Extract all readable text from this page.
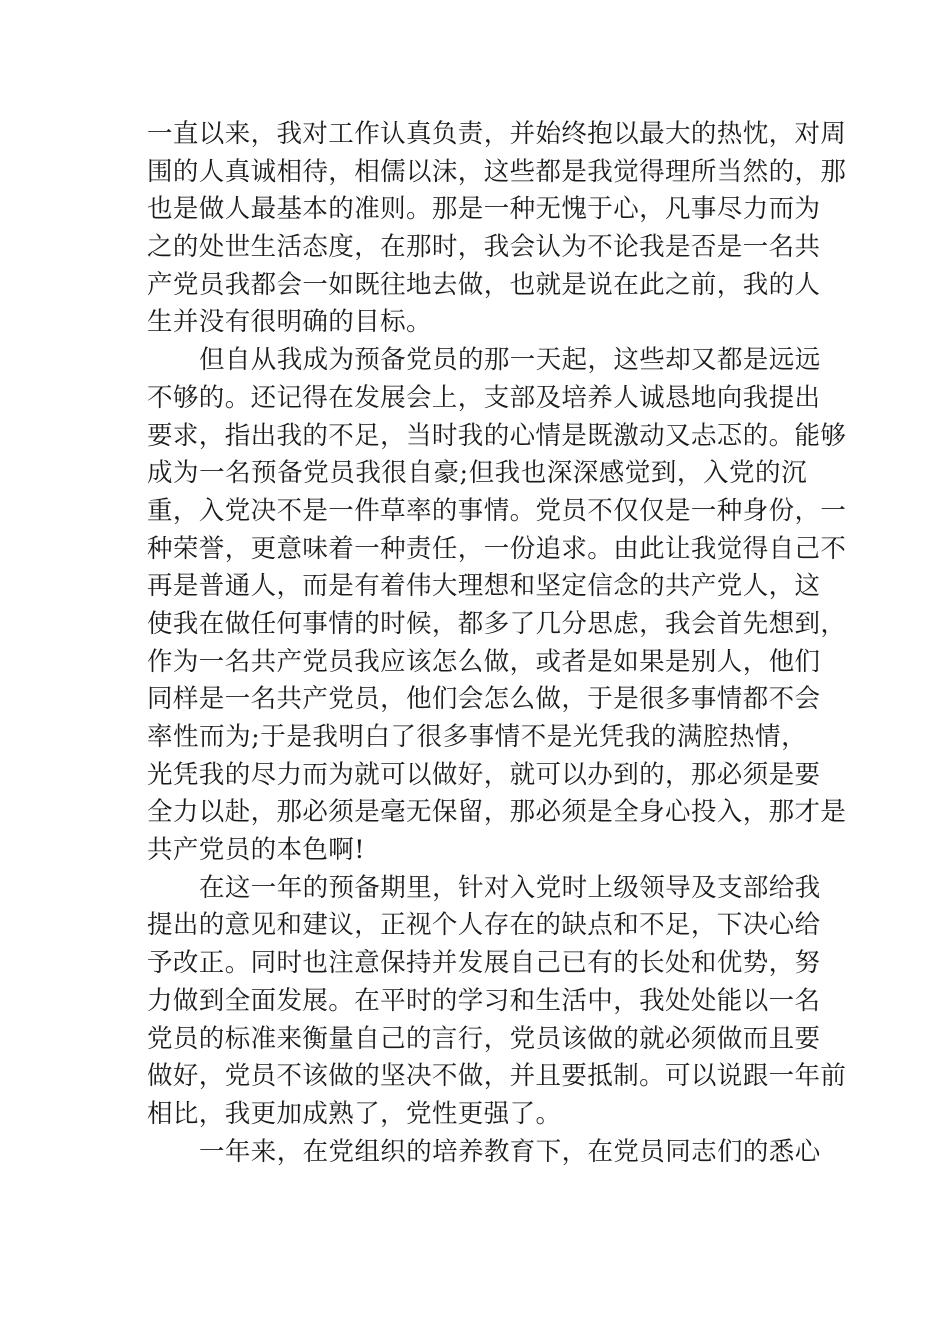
一直以来，我对工作认真负责，并始终抱以最大的热忱，对周
围的人真诚相待，相儒以沫，这些都是我觉得理所当然的，那
也是做人最基本的准则。那是一种无愧于心，凡事尽力而为
之的处世生活态度，在那时，我会认为不论我是否是一名共
产党员我都会一如既往地去做，也就是说在此之前，我的人
生并没有很明确的目标。
但自从我成为预备党员的那一天起，这些却又都是远远
不够的。还记得在发展会上，支部及培养人诚恳地向我提出
要求，指出我的不足，当时我的心情是既激动又忐忑的。能够
成为一名预备党员我很自豪;但我也深深感觉到，入党的沉
重，入党决不是一件草率的事情。党员不仅仅是一种身份，一
种荣誉，更意味着一种责任，一份追求。由此让我觉得自己不
再是普通人，而是有着伟大理想和坚定信念的共产党人，这
使我在做任何事情的时候，都多了几分思虑，我会首先想到，
作为一名共产党员我应该怎么做，或者是如果是别人，他们
同样是一名共产党员，他们会怎么做，于是很多事情都不会
率性而为;于是我明白了很多事情不是光凭我的满腔热情，
光凭我的尽力而为就可以做好，就可以办到的，那必须是要
全力以赴，那必须是毫无保留，那必须是全身心投入，那才是
共产党员的本色啊!
在这一年的预备期里，针对入党时上级领导及支部给我
提出的意见和建议，正视个人存在的缺点和不足，下决心给
予改正。同时也注意保持并发展自己已有的长处和优势，努
力做到全面发展。在平时的学习和生活中，我处处能以一名
党员的标准来衡量自己的言行，党员该做的就必须做而且要
做好，党员不该做的坚决不做，并且要抵制。可以说跟一年前
相比，我更加成熟了，党性更强了。
一年来，在党组织的培养教育下，在党员同志们的悉心
